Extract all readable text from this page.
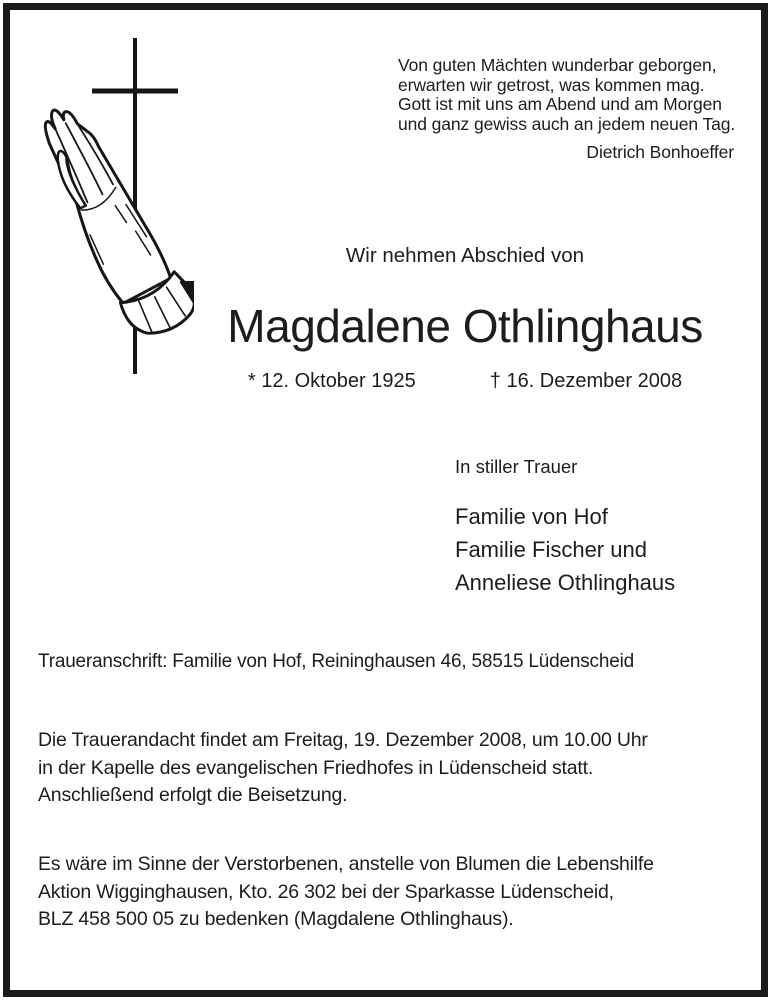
Von guten Mächten wunderbar geborgen,
erwarten wir getrost, was kommen mag.
Gott ist mit uns am Abend und am Morgen
und ganz gewiss auch an jedem neuen Tag.
Dietrich Bonhoeffer
Wir nehmen Abschied von
Magdalene Othlinghaus
* 12. Oktober 1925	† 16. Dezember 2008
In stiller Trauer
Familie von Hof
Familie Fischer und
Anneliese Othlinghaus
Traueranschrift: Familie von Hof, Reininghausen 46, 58515 Lüdenscheid
Die Trauerandacht findet am Freitag, 19. Dezember 2008, um 10.00 Uhr
in der Kapelle des evangelischen Friedhofes in Lüdenscheid statt.
Anschließend erfolgt die Beisetzung.
Es wäre im Sinne der Verstorbenen, anstelle von Blumen die Lebenshilfe
Aktion Wigginghausen, Kto. 26 302 bei der Sparkasse Lüdenscheid,
BLZ 458 500 05 zu bedenken (Magdalene Othlinghaus).
